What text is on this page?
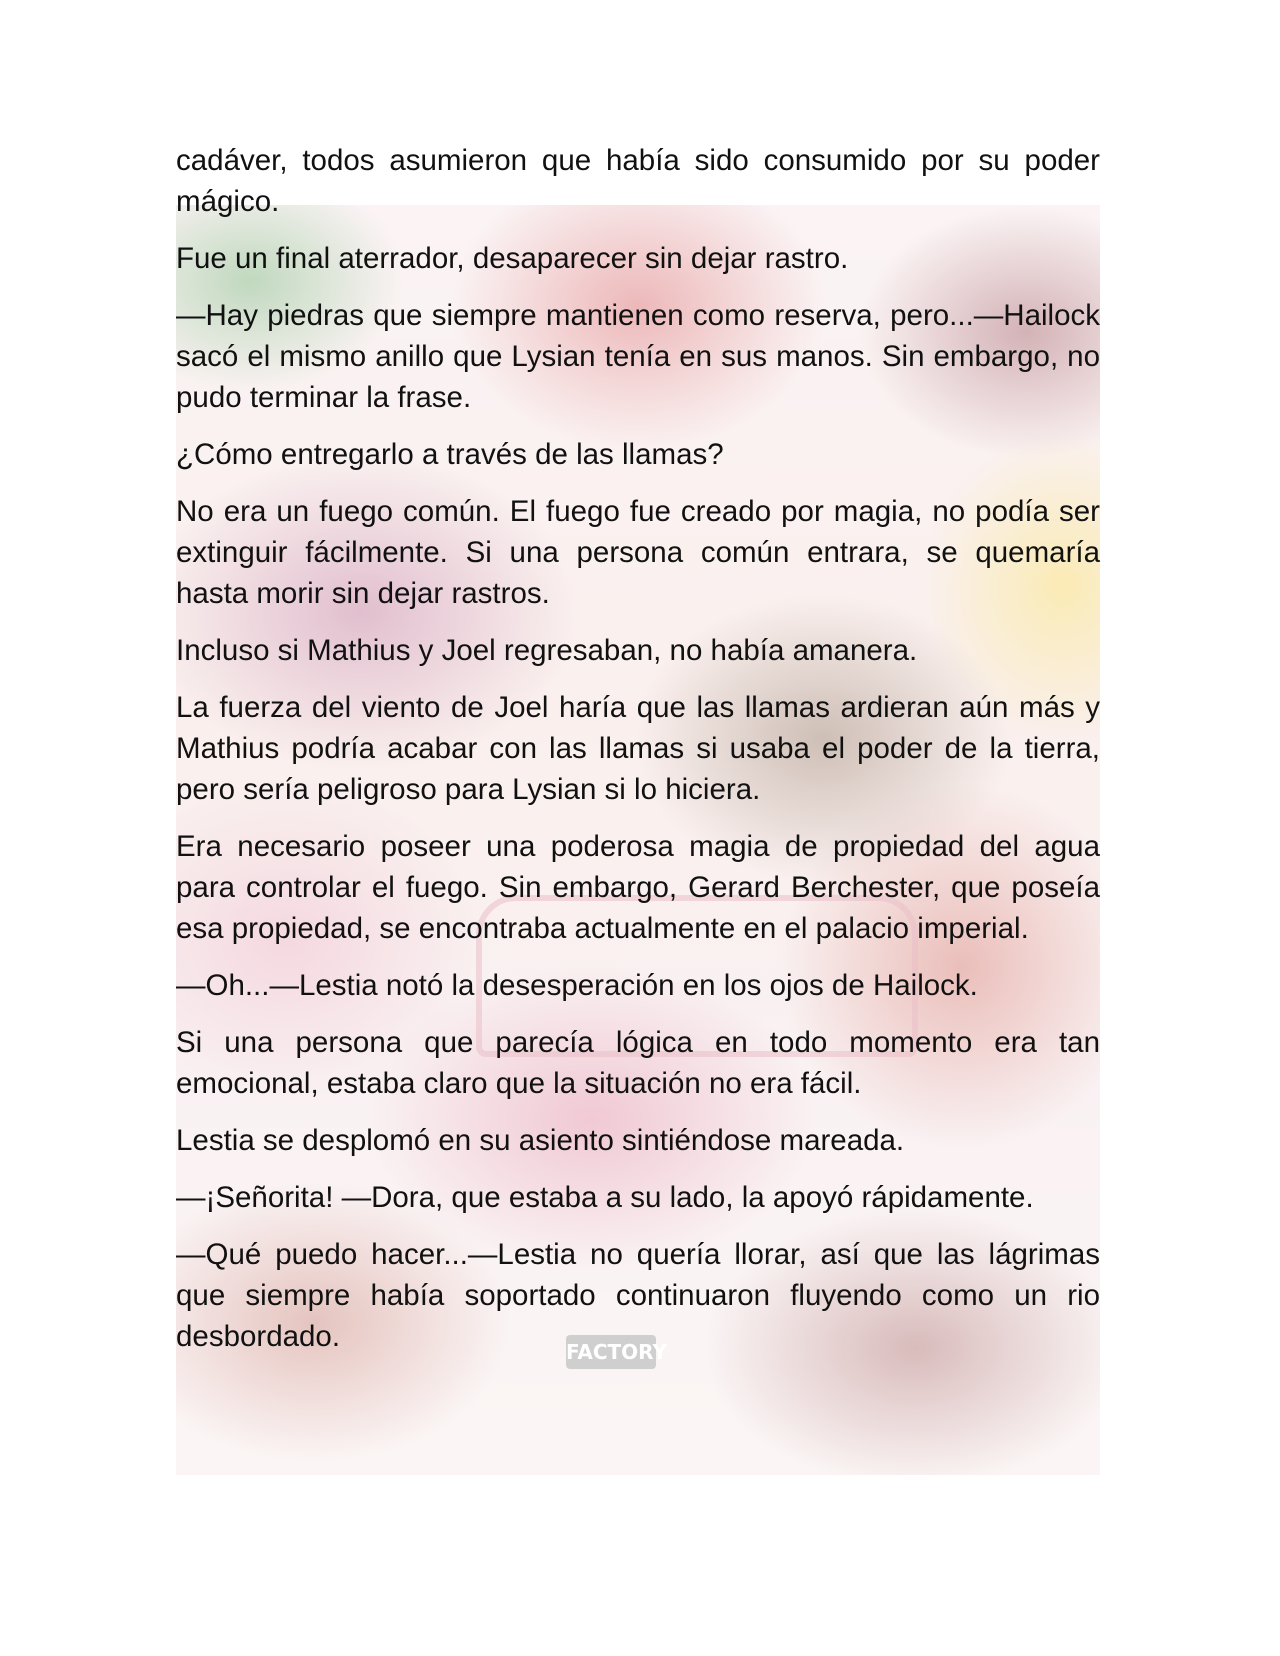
FACTORY

cadáver, todos asumieron que había sido consumido por su poder mágico.

Fue un final aterrador, desaparecer sin dejar rastro.

—Hay piedras que siempre mantienen como reserva, pero...—Hailock sacó el mismo anillo que Lysian tenía en sus manos. Sin embargo, no pudo terminar la frase.

¿Cómo entregarlo a través de las llamas?

No era un fuego común. El fuego fue creado por magia, no podía ser extinguir fácilmente. Si una persona común entrara, se quemaría hasta morir sin dejar rastros.

Incluso si Mathius y Joel regresaban, no había amanera.

La fuerza del viento de Joel haría que las llamas ardieran aún más y Mathius podría acabar con las llamas si usaba el poder de la tierra, pero sería peligroso para Lysian si lo hiciera.

Era necesario poseer una poderosa magia de propiedad del agua para controlar el fuego. Sin embargo, Gerard Berchester, que poseía esa propiedad, se encontraba actualmente en el palacio imperial.

—Oh...—Lestia notó la desesperación en los ojos de Hailock.

Si una persona que parecía lógica en todo momento era tan emocional, estaba claro que la situación no era fácil.

Lestia se desplomó en su asiento sintiéndose mareada.

—¡Señorita! —Dora, que estaba a su lado, la apoyó rápidamente.

—Qué puedo hacer...—Lestia no quería llorar, así que las lágrimas que siempre había soportado continuaron fluyendo como un rio desbordado.
